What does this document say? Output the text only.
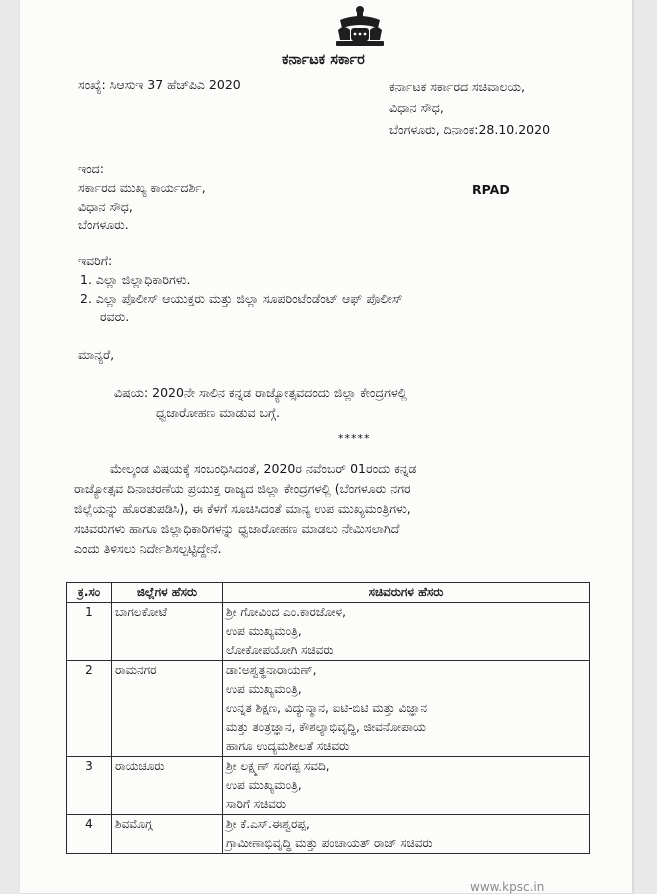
ಕರ್ನಾಟಕ ಸರ್ಕಾರ
ಸಂಖ್ಯೆ: ಸಿಆಸುಇ 37 ಹೆಚ್‌ಪಿಎ 2020	ಕರ್ನಾಟಕ ಸರ್ಕಾರದ ಸಚಿವಾಲಯ,
ವಿಧಾನ ಸೌಧ,
ಬೆಂಗಳೂರು, ದಿನಾಂಕ:28.10.2020
ಇಂದ:
ಸರ್ಕಾರದ ಮುಖ್ಯ ಕಾರ್ಯದರ್ಶಿ,
ವಿಧಾನ ಸೌಧ,
ಬೆಂಗಳೂರು.
RPAD
ಇವರಿಗೆ:
1. ಎಲ್ಲಾ ಜಿಲ್ಲಾಧಿಕಾರಿಗಳು.
2. ಎಲ್ಲಾ ಪೊಲೀಸ್ ಆಯುಕ್ತರು ಮತ್ತು ಜಿಲ್ಲಾ ಸೂಪರಿಂಟೆಂಡೆಂಟ್ ಆಫ್ ಪೊಲೀಸ್
ರವರು.
ಮಾನ್ಯರೆ,
ವಿಷಯ: 2020ನೇ ಸಾಲಿನ ಕನ್ನಡ ರಾಜ್ಯೋತ್ಸವದಂದು ಜಿಲ್ಲಾ ಕೇಂದ್ರಗಳಲ್ಲಿ
ಧ್ವಜಾರೋಹಣ ಮಾಡುವ ಬಗ್ಗೆ.
*****
ಮೇಲ್ಕಂಡ ವಿಷಯಕ್ಕೆ ಸಂಬಂಧಿಸಿದಂತೆ, 2020ರ ನವೆಂಬರ್ 01ರಂದು ಕನ್ನಡ
ರಾಜ್ಯೋತ್ಸವ ದಿನಾಚರಣೆಯ ಪ್ರಯುಕ್ತ ರಾಜ್ಯದ ಜಿಲ್ಲಾ ಕೇಂದ್ರಗಳಲ್ಲಿ (ಬೆಂಗಳೂರು ನಗರ
ಜಿಲ್ಲೆಯನ್ನು ಹೊರತುಪಡಿಸಿ), ಈ ಕೆಳಗೆ ಸೂಚಿಸಿದಂತೆ ಮಾನ್ಯ ಉಪ ಮುಖ್ಯಮಂತ್ರಿಗಳು,
ಸಚಿವರುಗಳು ಹಾಗೂ ಜಿಲ್ಲಾಧಿಕಾರಿಗಳನ್ನು ಧ್ವಜಾರೋಹಣ ಮಾಡಲು ನೇಮಿಸಲಾಗಿದೆ
ಎಂದು ತಿಳಿಸಲು ನಿರ್ದೇಶಿಸಲ್ಪಟ್ಟಿದ್ದೇನೆ.
ಕ್ರ.ಸಂ	ಜಿಲ್ಲೆಗಳ ಹೆಸರು	ಸಚಿವರುಗಳ ಹೆಸರು
1	ಬಾಗಲಕೋಟೆ	ಶ್ರೀ ಗೋವಿಂದ ಎಂ.ಕಾರಜೋಳ,
ಉಪ ಮುಖ್ಯಮಂತ್ರಿ,
ಲೋಕೋಪಯೋಗಿ ಸಚಿವರು

2	ರಾಮನಗರ	ಡಾ:ಅಶ್ವತ್ಥನಾರಾಯಣ್,
ಉಪ ಮುಖ್ಯಮಂತ್ರಿ,
ಉನ್ನತ ಶಿಕ್ಷಣ, ವಿದ್ಯುನ್ಮಾನ, ಐಟಿ-ಬಿಟಿ ಮತ್ತು ವಿಜ್ಞಾನ
ಮತ್ತು ತಂತ್ರಜ್ಞಾನ, ಕೌಶಲ್ಯಾಭಿವೃದ್ಧಿ, ಜೀವನೋಪಾಯ
ಹಾಗೂ ಉದ್ಯಮಶೀಲತೆ ಸಚಿವರು

3	ರಾಯಚೂರು	ಶ್ರೀ ಲಕ್ಷ್ಮಣ್ ಸಂಗಪ್ಪ ಸವದಿ,
ಉಪ ಮುಖ್ಯಮಂತ್ರಿ,
ಸಾರಿಗೆ ಸಚಿವರು

4	ಶಿವಮೊಗ್ಗ	ಶ್ರೀ ಕೆ.ಎಸ್.ಈಶ್ವರಪ್ಪ,
ಗ್ರಾಮೀಣಾಭಿವೃದ್ಧಿ ಮತ್ತು ಪಂಚಾಯತ್ ರಾಜ್ ಸಚಿವರು
www.kpsc.in
